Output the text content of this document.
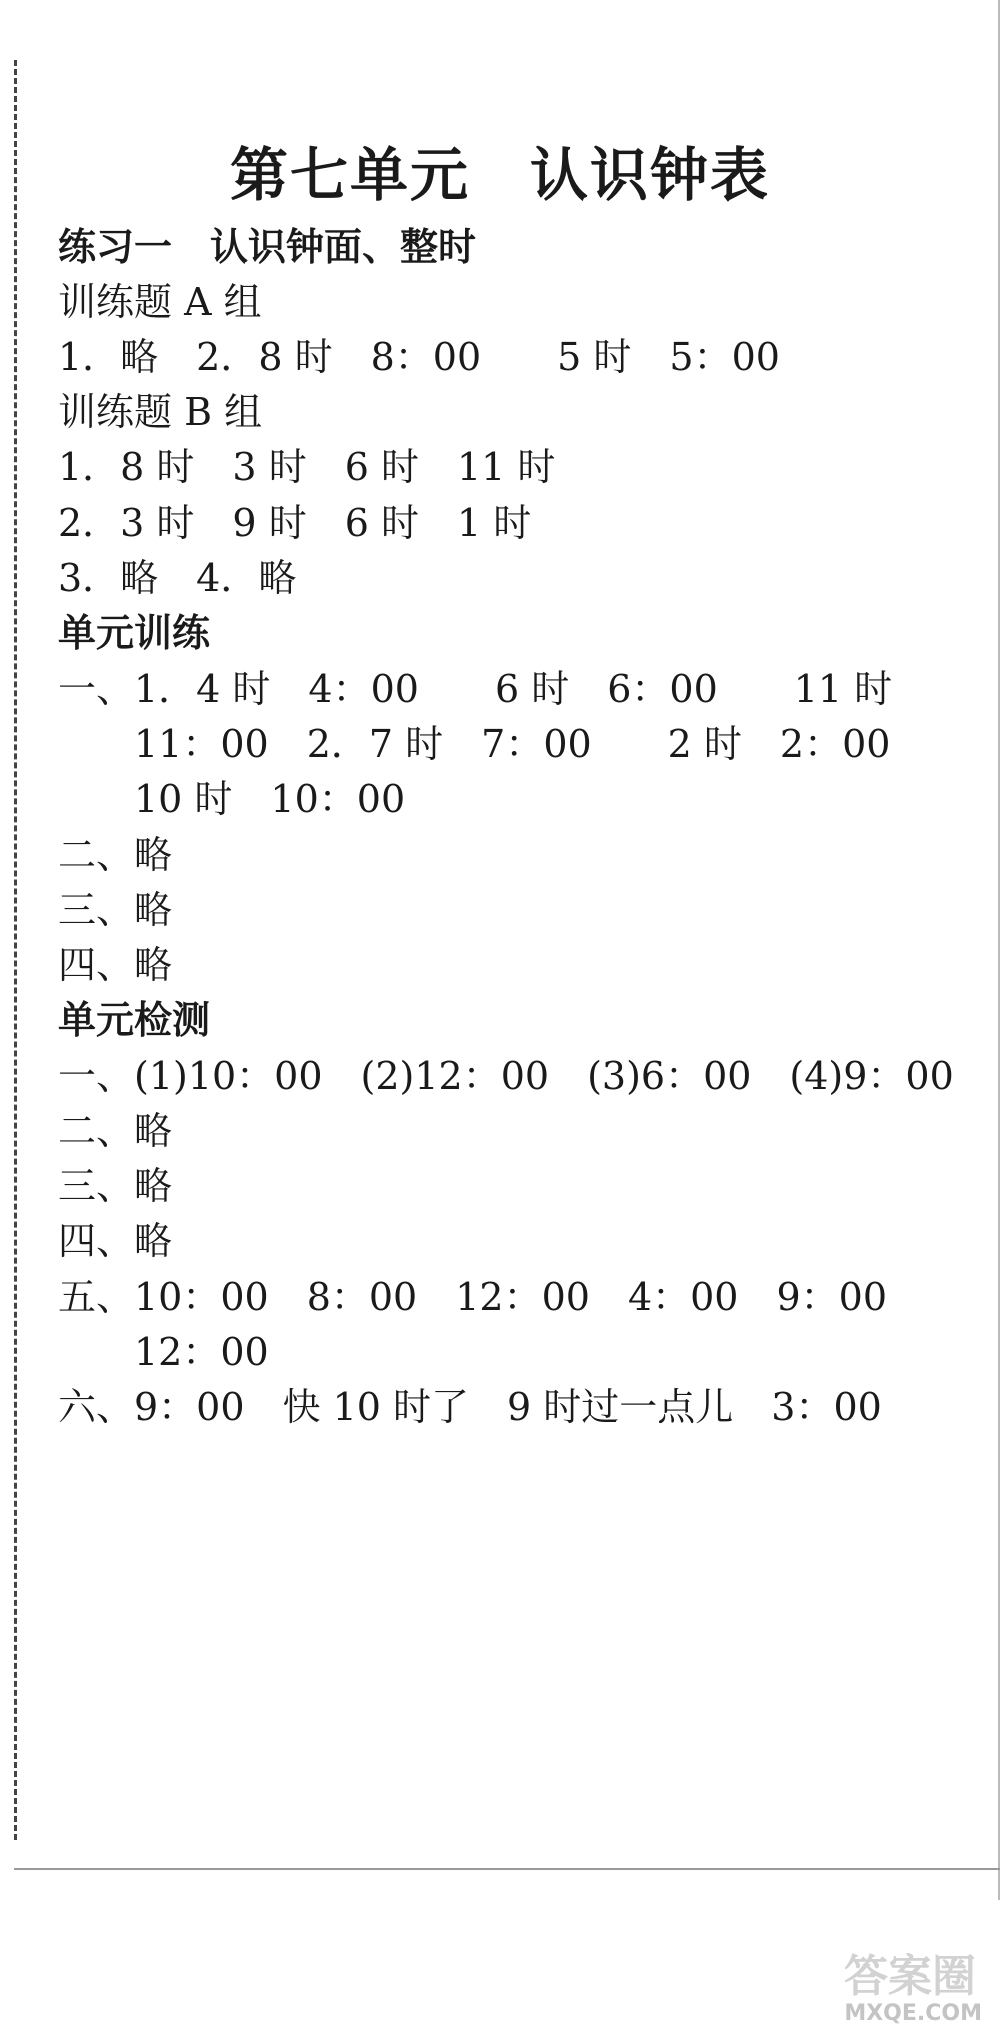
第七单元 认识钟表
练习一　认识钟面、整时
训练题 A 组
1．略　2．8 时　8：00　　5 时　5：00
训练题 B 组
1．8 时　3 时　6 时　11 时
2．3 时　9 时　6 时　1 时
3．略　4．略
单元训练
一、1．4 时　4：00　　6 时　6：00　　11 时
11：00　2．7 时　7：00　　2 时　2：00
10 时　10：00
二、略
三、略
四、略
单元检测
一、(1)10：00　(2)12：00　(3)6：00　(4)9：00
二、略
三、略
四、略
五、10：00　8：00　12：00　4：00　9：00
12：00
六、9：00　快 10 时了　9 时过一点儿　3：00
答案圈
MXQE.COM
